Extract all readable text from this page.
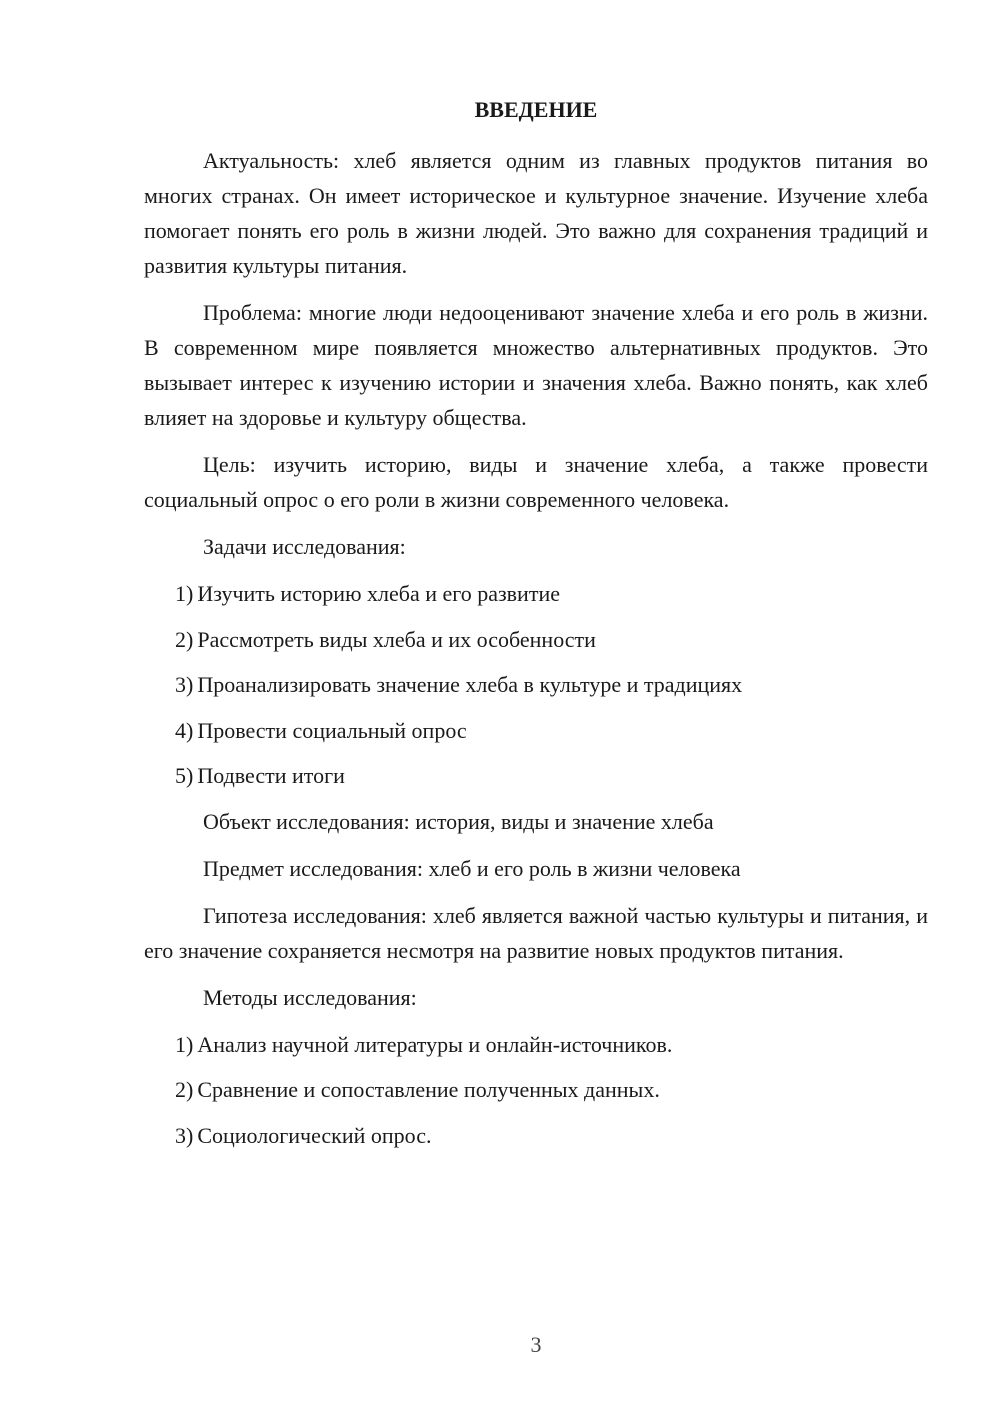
ВВЕДЕНИЕ

Актуальность: хлеб является одним из главных продуктов питания во многих странах. Он имеет историческое и культурное значение. Изучение хлеба помогает понять его роль в жизни людей. Это важно для сохранения традиций и развития культуры питания.

Проблема: многие люди недооценивают значение хлеба и его роль в жизни. В современном мире появляется множество альтернативных продуктов. Это вызывает интерес к изучению истории и значения хлеба. Важно понять, как хлеб влияет на здоровье и культуру общества.

Цель: изучить историю, виды и значение хлеба, а также провести социальный опрос о его роли в жизни современного человека.

Задачи исследования:

1) Изучить историю хлеба и его развитие
2) Рассмотреть виды хлеба и их особенности
3) Проанализировать значение хлеба в культуре и традициях
4) Провести социальный опрос
5) Подвести итоги

Объект исследования: история, виды и значение хлеба

Предмет исследования: хлеб и его роль в жизни человека

Гипотеза исследования: хлеб является важной частью культуры и питания, и его значение сохраняется несмотря на развитие новых продуктов питания.

Методы исследования:

1) Анализ научной литературы и онлайн-источников.
2) Сравнение и сопоставление полученных данных.
3) Социологический опрос.
3
